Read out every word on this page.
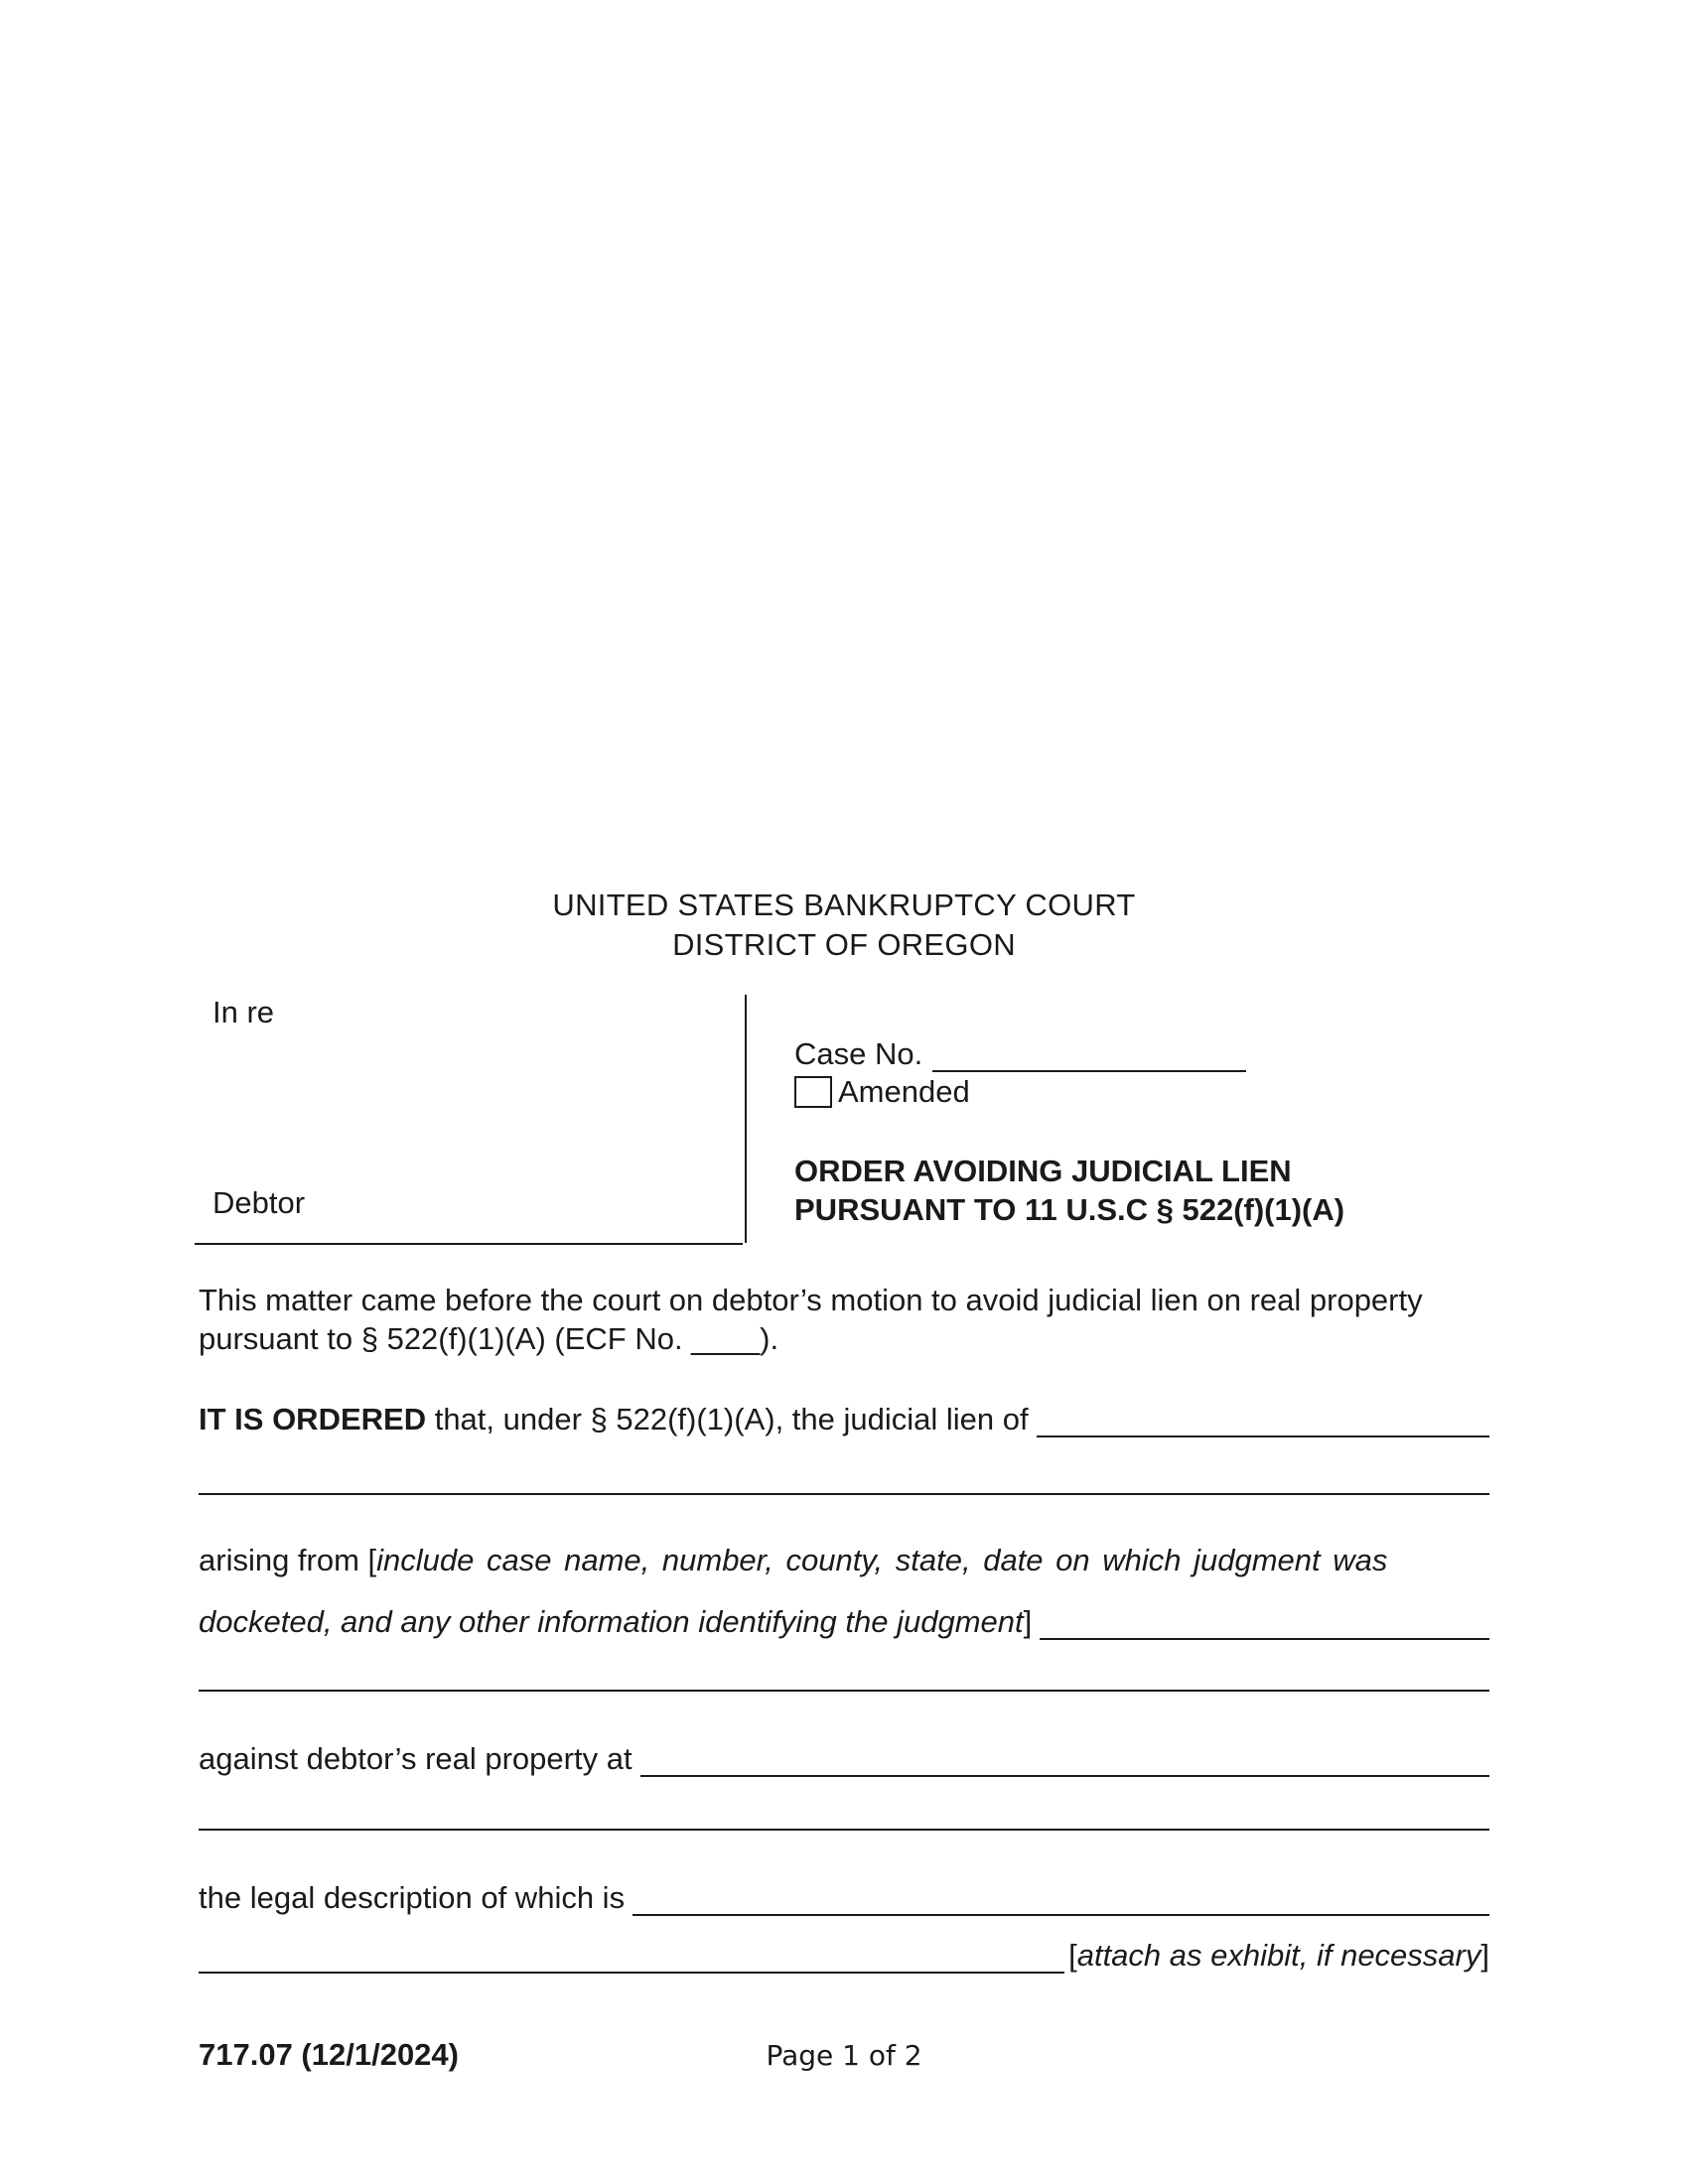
UNITED STATES BANKRUPTCY COURT
DISTRICT OF OREGON
In re
Debtor
Case No.
Amended
ORDER AVOIDING JUDICIAL LIEN
PURSUANT TO 11 U.S.C § 522(f)(1)(A)
This matter came before the court on debtor’s motion to avoid judicial lien on real property
pursuant to § 522(f)(1)(A) (ECF No. ____).
IT IS ORDERED that, under § 522(f)(1)(A), the judicial lien of
arising from [include case name, number, county, state, date on which judgment was
docketed, and any other information identifying the judgment ]
against debtor’s real property at
the legal description of which is
[ attach as exhibit, if necessary ]
717.07 (12/1/2024)	Page 1 of 2
